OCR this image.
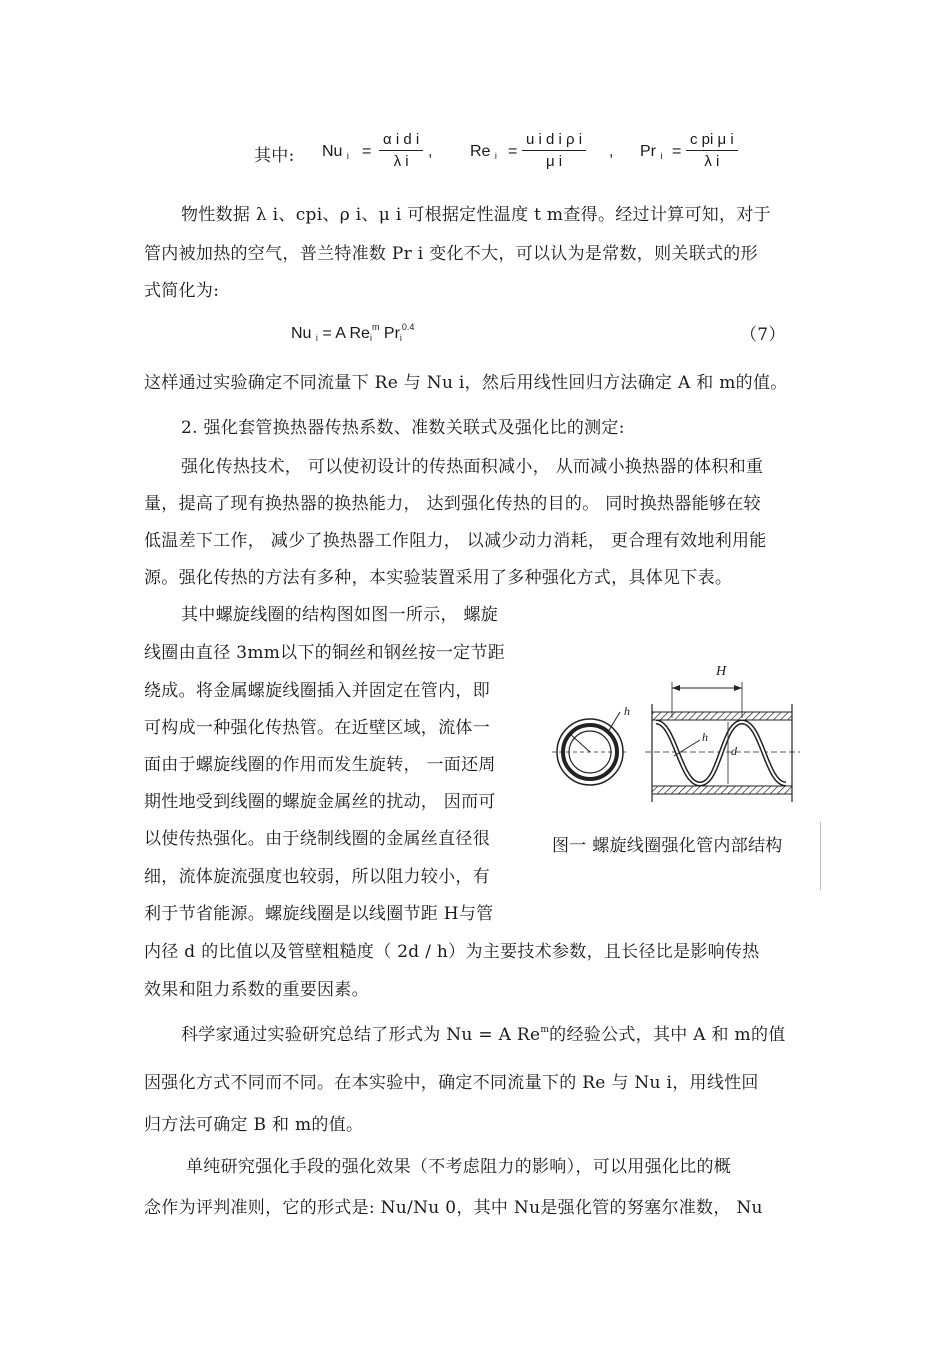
其中: Nu $_i = \frac{\text{α i d i}}{\text{λ i}}$ , Re $_i = \frac{\text{u i d i ρ i}}{\text{μ i}}$ , Pr $_i = \frac{\text{c pi μ i}}{\text{λ i}}$
物性数据 λ i、cpi、ρ i、μ i 可根据定性温度 t m查得。经过计算可知，对于
管内被加热的空气，普兰特准数 Pr i 变化不大，可以认为是常数，则关联式的形
式简化为:
Nu $_i$ = A $Re_i^m$ $Pr_i^{0.4}$	（7）
这样通过实验确定不同流量下 Re 与 Nu i，然后用线性回归方法确定 A 和 m的值。
2. 强化套管换热器传热系数、准数关联式及强化比的测定:
强化传热技术， 可以使初设计的传热面积减小， 从而减小换热器的体积和重
量，提高了现有换热器的换热能力， 达到强化传热的目的。 同时换热器能够在较
低温差下工作， 减少了换热器工作阻力， 以减少动力消耗， 更合理有效地利用能
源。强化传热的方法有多种，本实验装置采用了多种强化方式，具体见下表。
其中螺旋线圈的结构图如图一所示， 螺旋
线圈由直径 3mm以下的铜丝和钢丝按一定节距
绕成。将金属螺旋线圈插入并固定在管内，即
可构成一种强化传热管。在近壁区域，流体一
面由于螺旋线圈的作用而发生旋转， 一面还周
期性地受到线圈的螺旋金属丝的扰动， 因而可
以使传热强化。由于绕制线圈的金属丝直径很
细，流体旋流强度也较弱，所以阻力较小，有
利于节省能源。螺旋线圈是以线圈节距 H与管
内径 d 的比值以及管壁粗糙度（ 2d / h）为主要技术参数，且长径比是影响传热
效果和阻力系数的重要因素。
H
h
h
d
图一 螺旋线圈强化管内部结构
科学家通过实验研究总结了形式为 Nu = A Re$^m$的经验公式，其中 A 和 m的值
因强化方式不同而不同。在本实验中，确定不同流量下的 Re 与 Nu i，用线性回
归方法可确定 B 和 m的值。
单纯研究强化手段的强化效果（不考虑阻力的影响），可以用强化比的概
念作为评判准则，它的形式是: Nu/Nu 0，其中 Nu是强化管的努塞尔准数， Nu
